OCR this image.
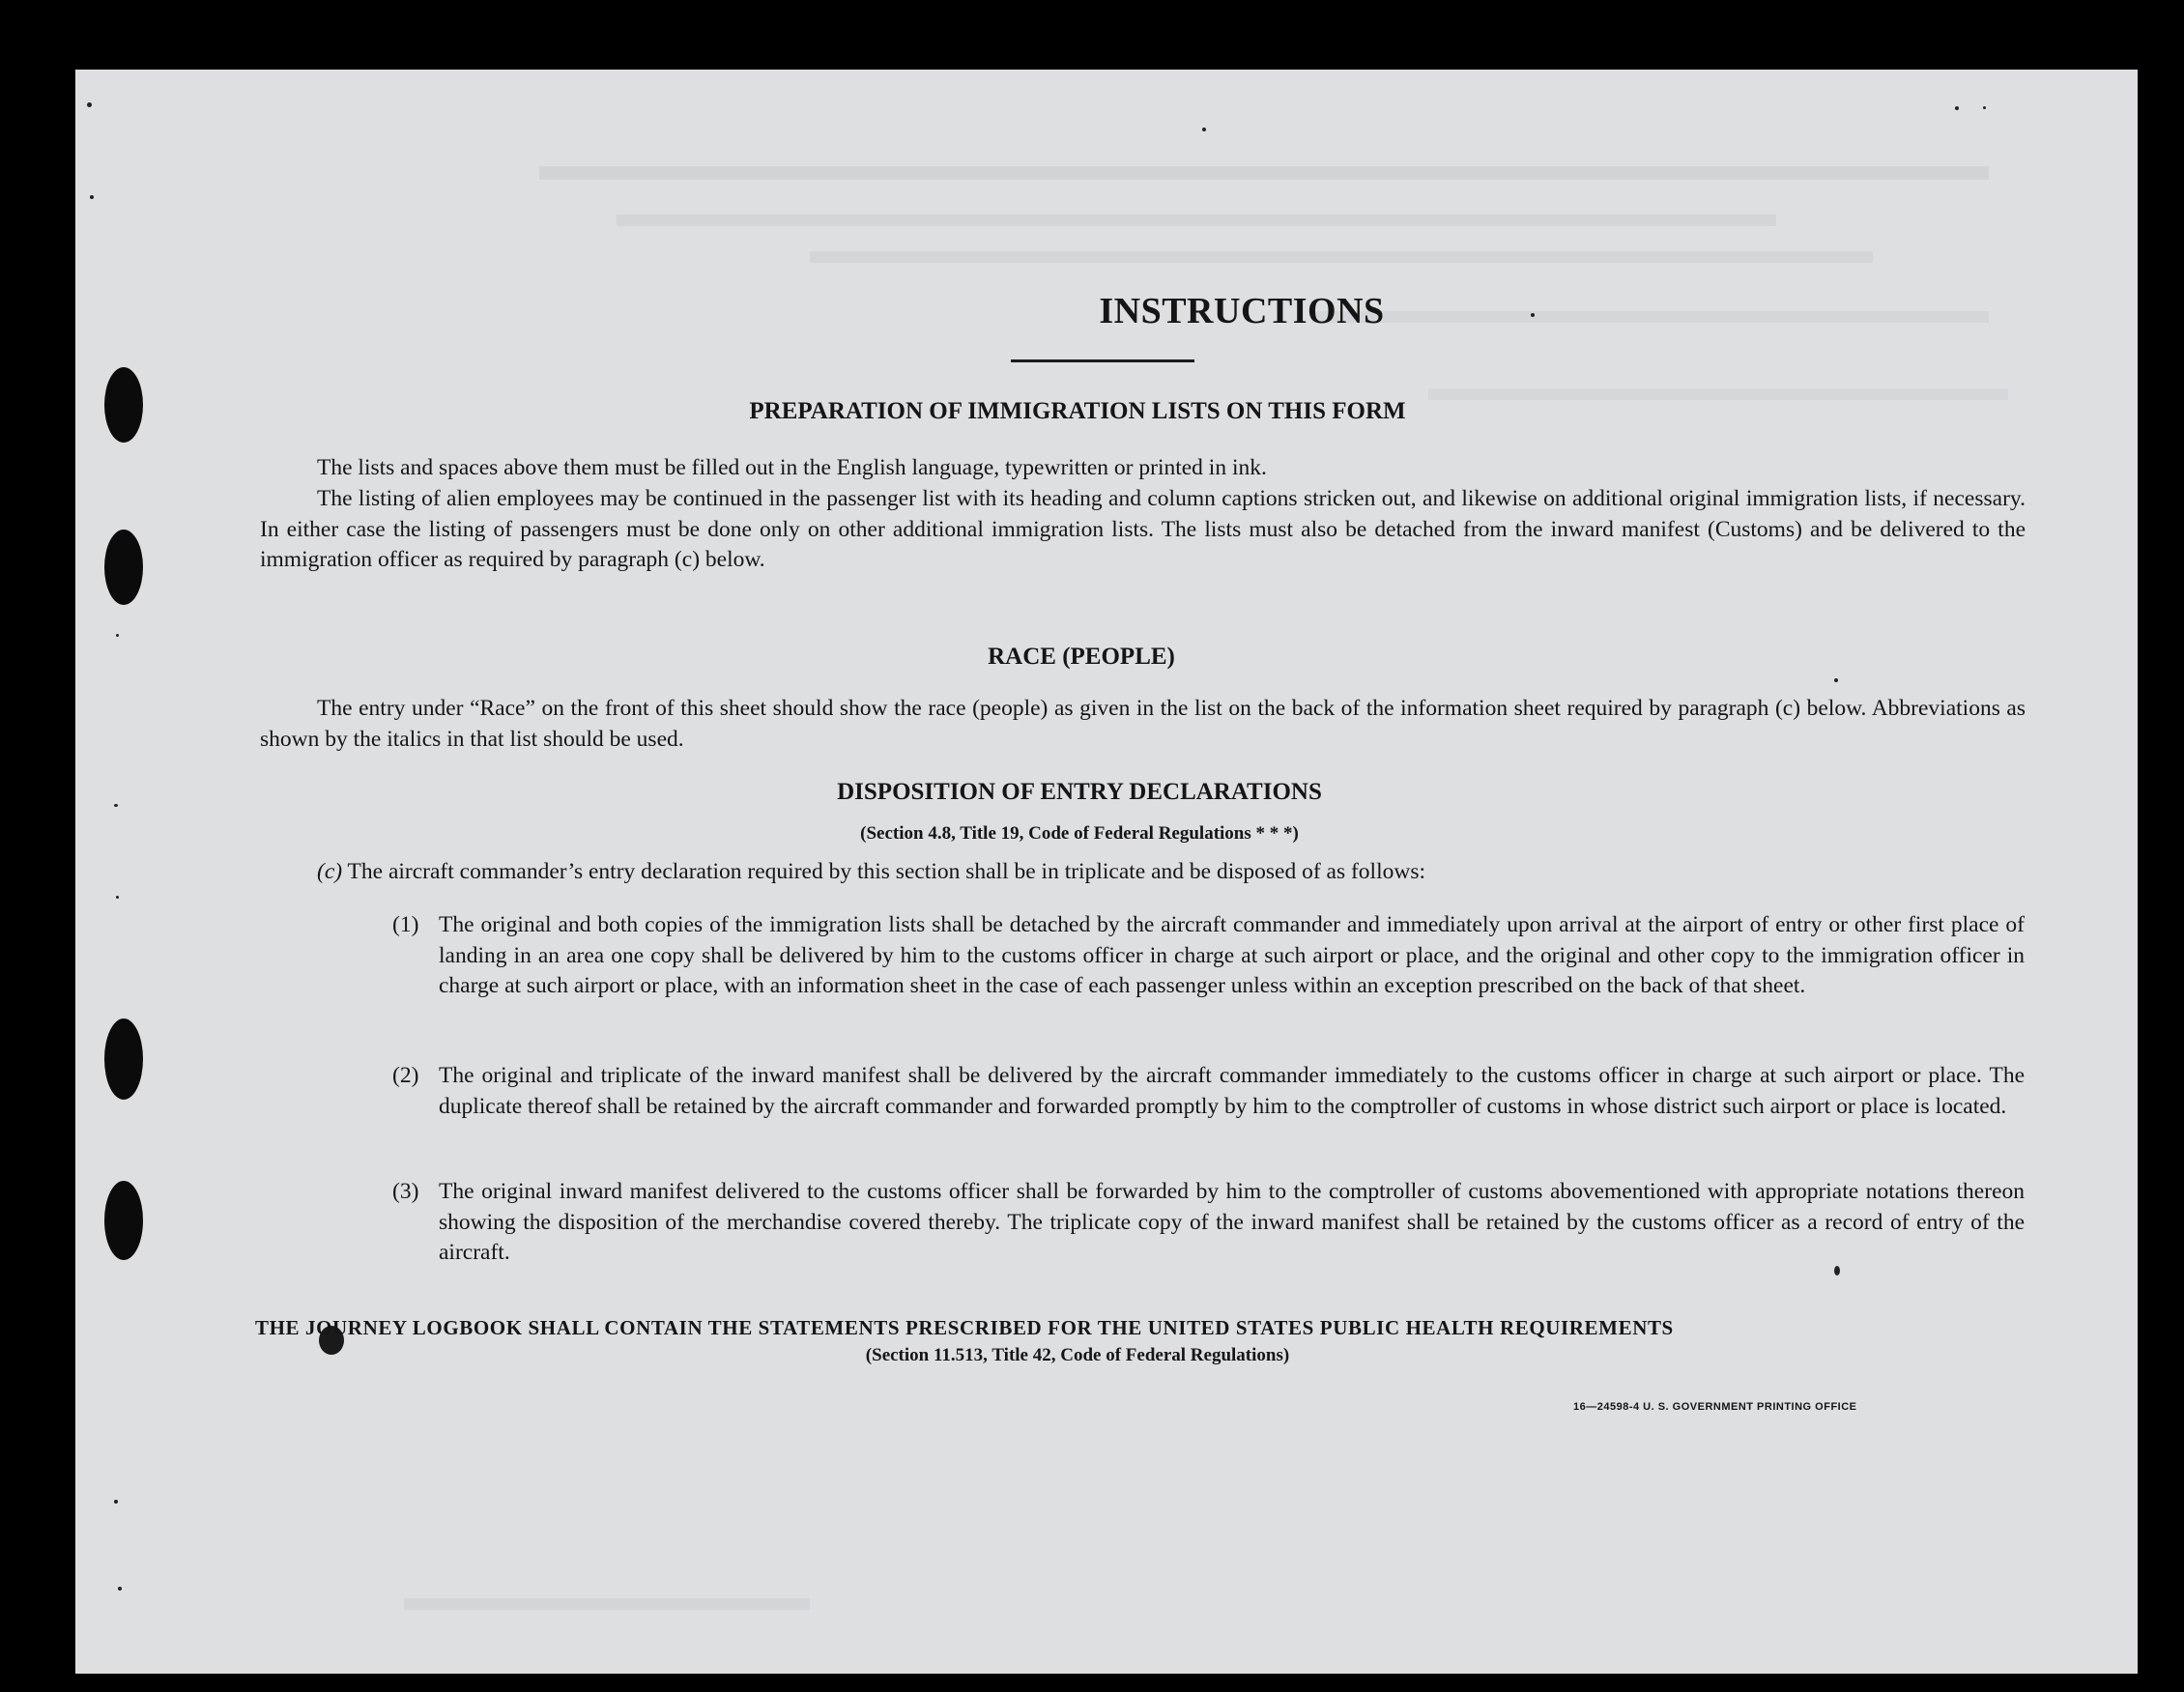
INSTRUCTIONS
PREPARATION OF IMMIGRATION LISTS ON THIS FORM
The lists and spaces above them must be filled out in the English language, typewritten or printed in ink.
The listing of alien employees may be continued in the passenger list with its heading and column captions stricken out, and likewise on additional original immigration lists, if necessary. In either case the listing of passengers must be done only on other additional immigration lists. The lists must also be detached from the inward manifest (Customs) and be delivered to the immigration officer as required by paragraph (c) below.
RACE (PEOPLE)
The entry under “Race” on the front of this sheet should show the race (people) as given in the list on the back of the information sheet required by paragraph (c) below. Abbreviations as shown by the italics in that list should be used.
DISPOSITION OF ENTRY DECLARATIONS
(Section 4.8, Title 19, Code of Federal Regulations * * *)
(c) The aircraft commander’s entry declaration required by this section shall be in triplicate and be disposed of as follows:
(1) The original and both copies of the immigration lists shall be detached by the aircraft commander and immediately upon arrival at the airport of entry or other first place of landing in an area one copy shall be delivered by him to the customs officer in charge at such airport or place, and the original and other copy to the immigration officer in charge at such airport or place, with an information sheet in the case of each passenger unless within an exception prescribed on the back of that sheet.
(2) The original and triplicate of the inward manifest shall be delivered by the aircraft commander immediately to the customs officer in charge at such airport or place. The duplicate thereof shall be retained by the aircraft commander and forwarded promptly by him to the comptroller of customs in whose district such airport or place is located.
(3) The original inward manifest delivered to the customs officer shall be forwarded by him to the comptroller of customs abovementioned with appropriate notations thereon showing the disposition of the merchandise covered thereby. The triplicate copy of the inward manifest shall be retained by the customs officer as a record of entry of the aircraft.
THE JOURNEY LOGBOOK SHALL CONTAIN THE STATEMENTS PRESCRIBED FOR THE UNITED STATES PUBLIC HEALTH REQUIREMENTS
(Section 11.513, Title 42, Code of Federal Regulations)
16—24598-4 U. S. GOVERNMENT PRINTING OFFICE
